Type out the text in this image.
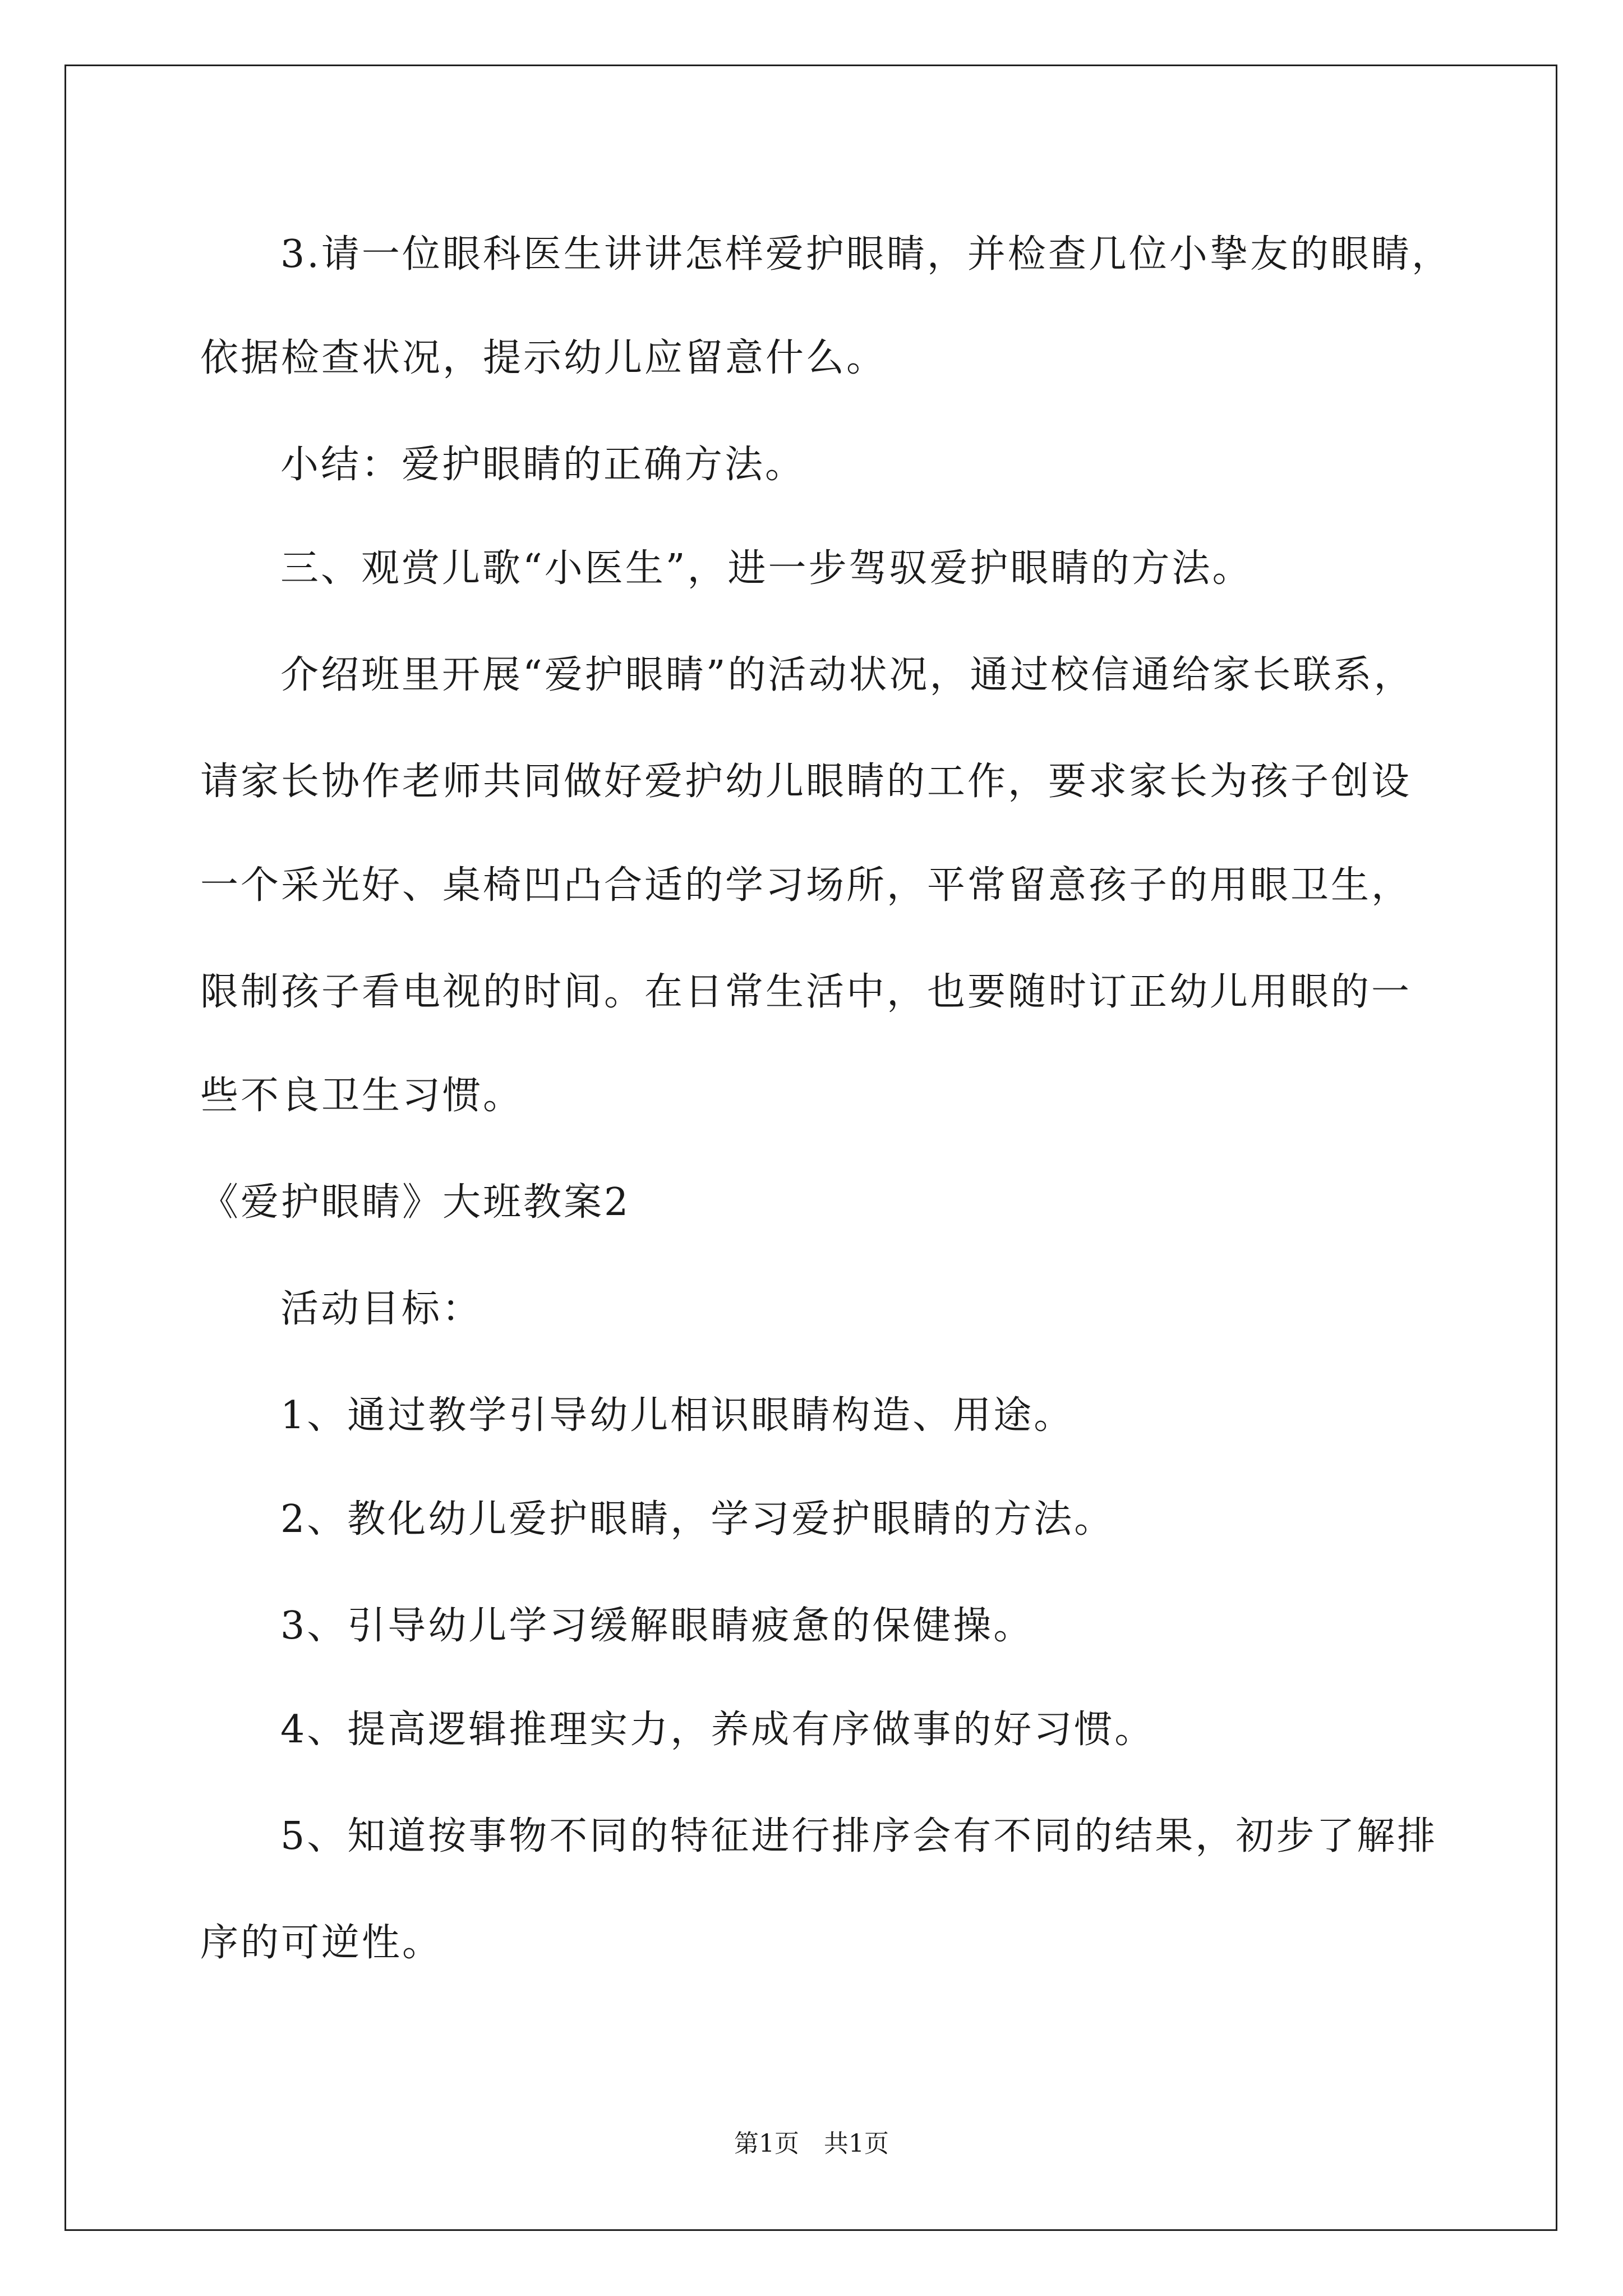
3.请一位眼科医生讲讲怎样爱护眼睛，并检查几位小挚友的眼睛，
依据检查状况，提示幼儿应留意什么。
小结：爱护眼睛的正确方法。
三、观赏儿歌“小医生”，进一步驾驭爱护眼睛的方法。
介绍班里开展“爱护眼睛”的活动状况，通过校信通给家长联系，
请家长协作老师共同做好爱护幼儿眼睛的工作，要求家长为孩子创设
一个采光好、桌椅凹凸合适的学习场所，平常留意孩子的用眼卫生，
限制孩子看电视的时间。在日常生活中，也要随时订正幼儿用眼的一
些不良卫生习惯。
《爱护眼睛》大班教案2
活动目标：
1、通过教学引导幼儿相识眼睛构造、用途。
2、教化幼儿爱护眼睛，学习爱护眼睛的方法。
3、引导幼儿学习缓解眼睛疲惫的保健操。
4、提高逻辑推理实力，养成有序做事的好习惯。
5、知道按事物不同的特征进行排序会有不同的结果，初步了解排
序的可逆性。
第1页　共1页
